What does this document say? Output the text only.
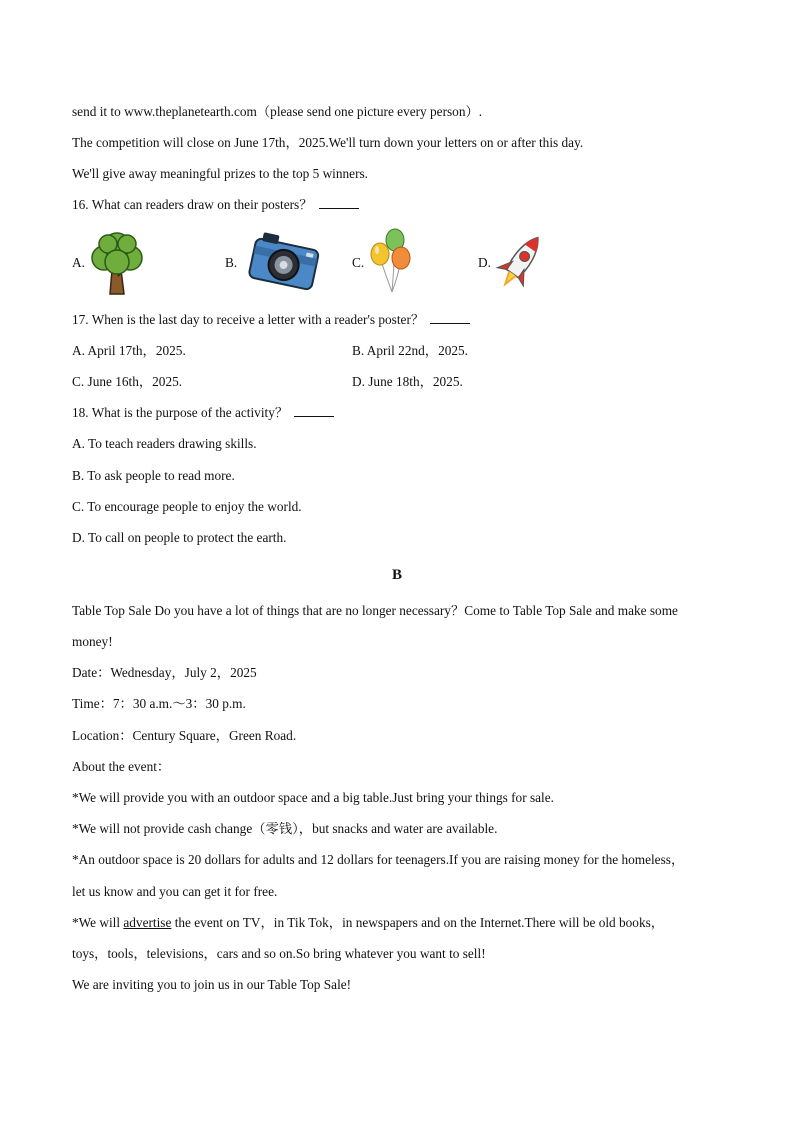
send it to www.theplanetearth.com（please send one picture every person）.
The competition will close on June 17th，2025.We'll turn down your letters on or after this day.
We'll give away meaningful prizes to the top 5 winners.
16. What can readers draw on their posters？
A.	B.	C.	D.
17. When is the last day to receive a letter with a reader's poster？
A. April 17th，2025.	B. April 22nd，2025.
C. June 16th，2025.	D. June 18th，2025.
18. What is the purpose of the activity？
A. To teach readers drawing skills.
B. To ask people to read more.
C. To encourage people to enjoy the world.
D. To call on people to protect the earth.
B
Table Top Sale Do you have a lot of things that are no longer necessary？Come to Table Top Sale and make some
money!
Date：Wednesday，July 2，2025
Time：7：30 a.m.～3：30 p.m.
Location：Century Square，Green Road.
About the event：
*We will provide you with an outdoor space and a big table.Just bring your things for sale.
*We will not provide cash change（零钱），but snacks and water are available.
*An outdoor space is 20 dollars for adults and 12 dollars for teenagers.If you are raising money for the homeless，
let us know and you can get it for free.
*We will advertise the event on TV，in Tik Tok，in newspapers and on the Internet.There will be old books，
toys，tools，televisions，cars and so on.So bring whatever you want to sell!
We are inviting you to join us in our Table Top Sale!
